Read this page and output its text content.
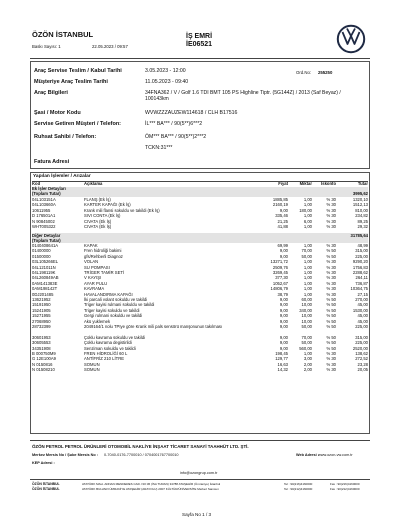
ÖZÖN İSTANBUL
Baskı Sayısı: 1	22.05.2023 / 09:57
İŞ EMRİ
İE06521
Araç Servise Teslim / Kabul Tarihi	3.05.2023 - 12:00
Müşteriye Araç Teslim Tarihi	11.05.2023 - 09:40
Ord.No: 255250
Araç Bilgileri	34FNA362 / V / Golf 1.6 TDI BMT 105 PS Highline Tiptr. (5G144Z) / 2013 (Saf Beyaz) / 100143km
Şasi / Motor Kodu	WVWZZZAUZEW114618 / CLH B17516
Servise Getiren Müşteri / Telefon:	İL*** BA*** / 90(5**)6***2
Ruhsat Sahibi / Telefon:	ÖM*** BA*** / 90(5**)2***2
TCKN:31***
Fatura Adresi
Yapılan İşlemler / Arızalar
Kod	Açıklama	Fiyat	Miktar İskonto	Tutar
Ek İşler Detayları
(Toplam Tutar)	3995,62
04L103151A	FLANŞ (Ek İş)	1885,85	1,00	% 30	1320,10
04L103660A	KARTER KAPAĞI (Ek İş)	2160,19	1,00	% 30	1512,13
10611955	Krank mili flansi sokuldu ve takildi (Ek İş)	9,00	180,00	% 30	810,00
D 176501A1	SIVI CONTA (Ek İş)	335,46	1,00	% 30	234,82
N 90845002	CIVATA (Ek İş)	21,25	6,00	% 30	89,25
WHT005322	CIVATA (Ek İş)	41,88	1,00	% 30	29,32
Diğer Detaylar	31785,64
(Toplam Tutar)
0140408641A	KAPAK	69,99	1,00	% 30	48,99
01400000	Fren hidroliği bakimi	9,00	70,00	% 50	315,00
01500000	gfs/Rehberli Diagnoz	9,00	50,00	% 50	225,00
03L105266EL	VOLAN	13271,72	1,00	% 30	9290,20
04L121011N	SU POMPASI	2509,76	1,00	% 30	1756,83
04L198119K	TRİGER TAMİR SETİ	3269,45	1,00	% 30	2288,62
04L260849AB	V KAYIŞI	377,30	1,00	% 30	264,11
0AM141383E	AYAR PULU	1052,67	1,00	% 30	736,87
0AM198142T	KAVRAMA	14806,79	1,00	% 30	10364,75
0DJ201485	HAVALANDIRMA KAPAĞI	38,79	1,00	% 30	27,15
13621952	İki parcali volant sokuldu ve takildi	9,00	60,00	% 50	270,00
15191950	Triger kayisi rulmani sokuldu ve takildi	9,00	10,00	% 50	45,00
15241905	Triger kayisi sokuldu ve takildi	9,00	340,00	% 50	1530,00
15271955	Gergi rulmani sokuldu ve takildi	9,00	10,00	% 50	45,00
27068950	Akü yuklemek	9,00	10,00	% 50	45,00
28732399	2049164/1 nolu TPIye göre Krank mili pals sensörü manşonunun takılması	9,00	50,00	% 50	225,00
30601953	Çoklu kavrama sokuldu ve takildi	9,00	70,00	% 50	315,00
30605553	Çoklu kavrama degistirildi	9,00	50,00	% 50	225,00
34351908	Senziman sokuldu ve takildi	9,00	560,00	% 50	2520,00
B 000750M9	FREN HİDROLİĞİ 60 L	198,45	1,00	% 30	138,62
G 12E100A9	ANTİFRİZ 210 LİTRE	129,77	3,00	% 30	272,52
N 0150816	SOMUN	16,63	2,00	% 30	23,28
N 01508210	SOMUN	14,32	2,00	% 30	20,05
ÖZÖN PETROL PETROL ÜRÜNLERİ OTOMOBİL NAKLİYE İNŞAAT TİCARET SANAYİ TAAHHÜT LTD. ŞTİ.
Merkez Mersis No / Şube Mersis No : 0-7040-0176-7700010 / 0704001767700010	Web Adresi : www.ozon-vw.com.tr
KEP Adresi :
info@ozongrup.com.tr
ÖZÖN İSTANBUL
ÖZÖN İSTANBUL
ATATÜRK MAH. ADNAN MENDERES CAD. NO:36 (İSA TURAN) 34788 ATAŞEHİR (Ümraniye) İstanbul
ATATÜRK BULVARI ÜMRANİYE ATAŞEHİR (ARAYOLU) 2007 KÜLTÜR/ÜNİVERSİTE Merkez Samsun
Tel : 90(216)4160000
Tel : 90(212)4160000
Fax : 90(216)4160000
Fax : 90(212)4160000
Sayfa No 1 / 3
